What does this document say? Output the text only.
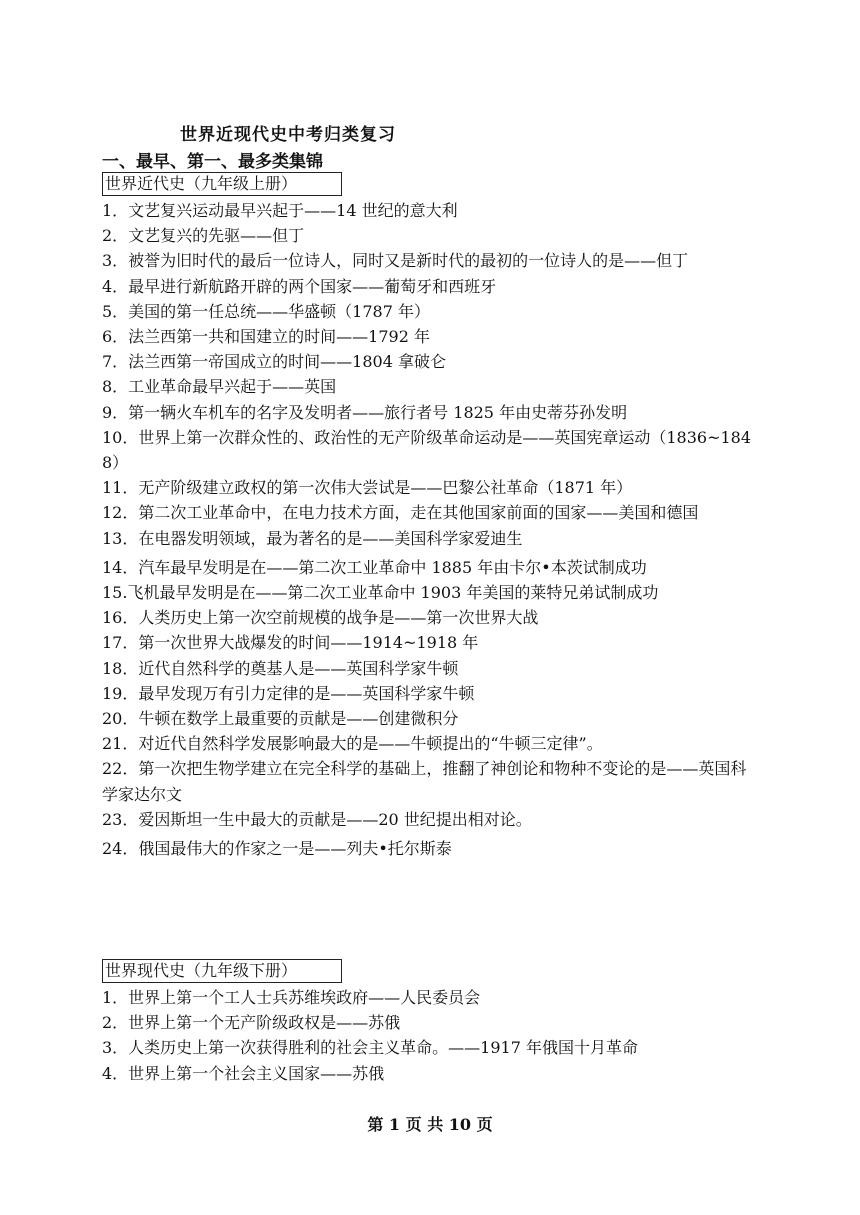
世界近现代史中考归类复习
一、最早、第一、最多类集锦
世界近代史（九年级上册）

1．文艺复兴运动最早兴起于——14 世纪的意大利

2．文艺复兴的先驱——但丁

3．被誉为旧时代的最后一位诗人，同时又是新时代的最初的一位诗人的是——但丁

4．最早进行新航路开辟的两个国家——葡萄牙和西班牙

5．美国的第一任总统——华盛顿（1787 年）

6．法兰西第一共和国建立的时间——1792 年

7．法兰西第一帝国成立的时间——1804 拿破仑

8．工业革命最早兴起于——英国

9．第一辆火车机车的名字及发明者——旅行者号 1825 年由史蒂芬孙发明

10．世界上第一次群众性的、政治性的无产阶级革命运动是——英国宪章运动（1836~1848）

11．无产阶级建立政权的第一次伟大尝试是——巴黎公社革命（1871 年）

12．第二次工业革命中，在电力技术方面，走在其他国家前面的国家——美国和德国

13．在电器发明领域，最为著名的是——美国科学家爱迪生

14．汽车最早发明是在——第二次工业革命中 1885 年由卡尔•本茨试制成功

15.飞机最早发明是在——第二次工业革命中 1903 年美国的莱特兄弟试制成功

16．人类历史上第一次空前规模的战争是——第一次世界大战

17．第一次世界大战爆发的时间——1914~1918 年

18．近代自然科学的奠基人是——英国科学家牛顿

19．最早发现万有引力定律的是——英国科学家牛顿

20．牛顿在数学上最重要的贡献是——创建微积分

21．对近代自然科学发展影响最大的是——牛顿提出的“牛顿三定律”。

22．第一次把生物学建立在完全科学的基础上，推翻了神创论和物种不变论的是——英国科学家达尔文

23．爱因斯坦一生中最大的贡献是——20 世纪提出相对论。

24．俄国最伟大的作家之一是——列夫•托尔斯泰

世界现代史（九年级下册）

1．世界上第一个工人士兵苏维埃政府——人民委员会

2．世界上第一个无产阶级政权是——苏俄

3．人类历史上第一次获得胜利的社会主义革命。——1917 年俄国十月革命

4．世界上第一个社会主义国家——苏俄

第 1 页 共 10 页
